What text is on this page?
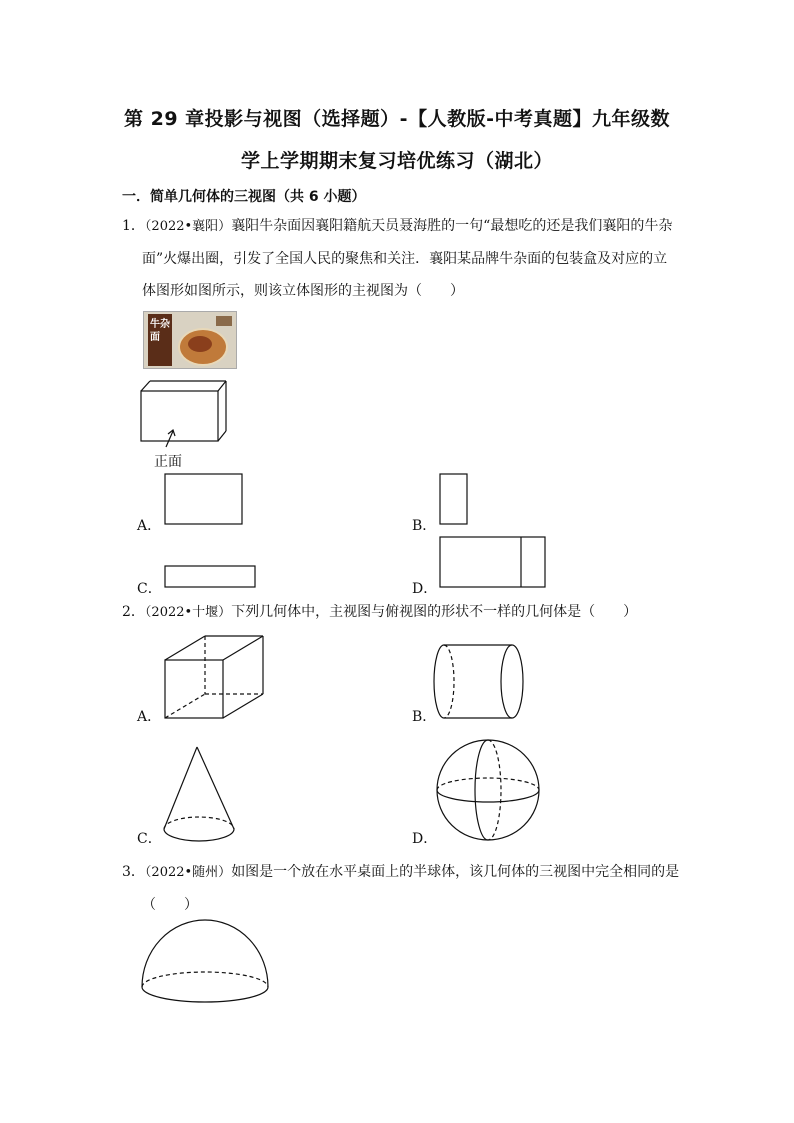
第 29 章投影与视图（选择题）-【人教版-中考真题】九年级数
学上学期期末复习培优练习（湖北）
一．简单几何体的三视图（共 6 小题）
1．（2022•襄阳）襄阳牛杂面因襄阳籍航天员聂海胜的一句“最想吃的还是我们襄阳的牛杂
面”火爆出圈，引发了全国人民的聚焦和关注．襄阳某品牌牛杂面的包装盒及对应的立
体图形如图所示，则该立体图形的主视图为（　　）
牛杂面
正面
A．	B．
C．	D．
2．（2022•十堰）下列几何体中，主视图与俯视图的形状不一样的几何体是（　　）
A．	B．
C．	D．
3．（2022•随州）如图是一个放在水平桌面上的半球体，该几何体的三视图中完全相同的是
（　　）
